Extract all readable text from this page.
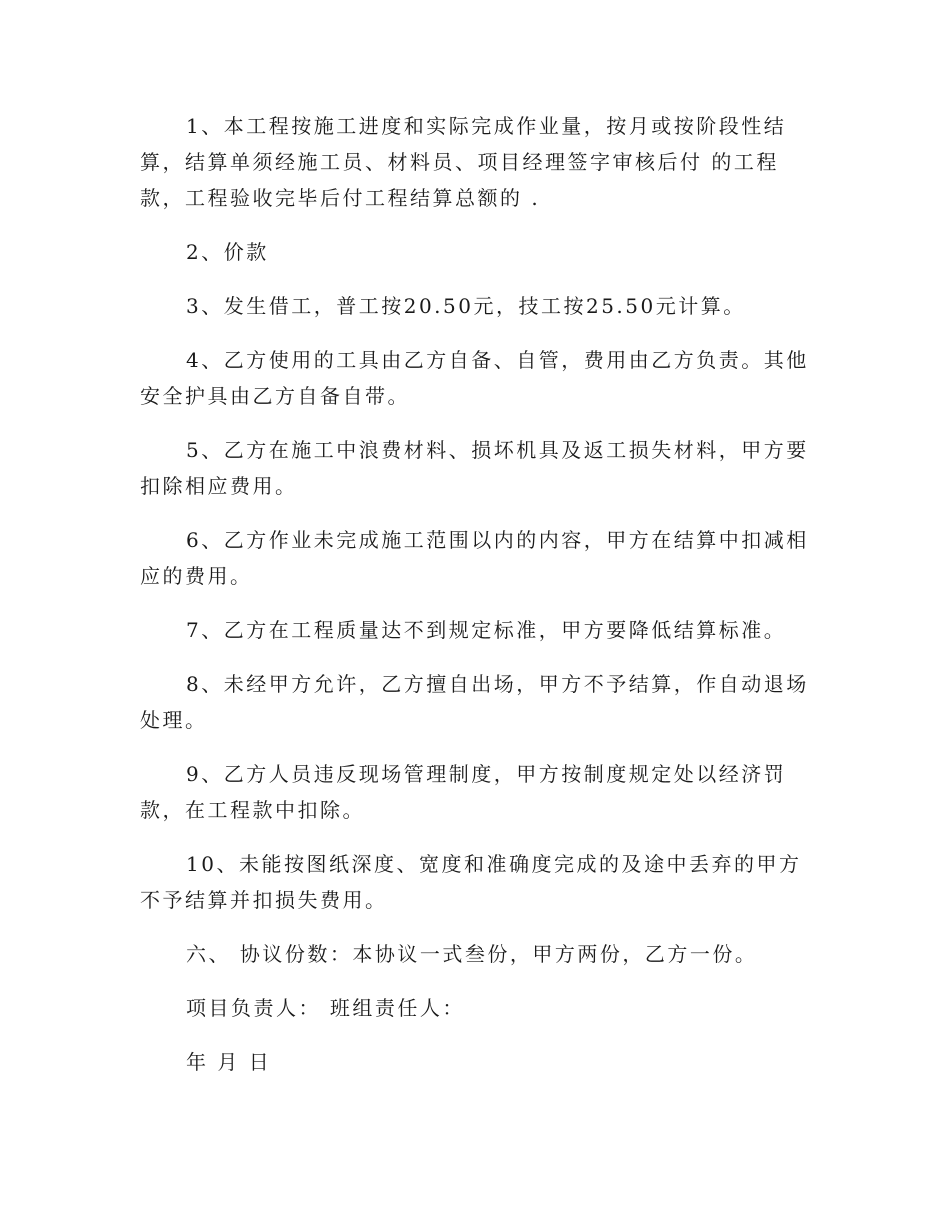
1、本工程按施工进度和实际完成作业量，按月或按阶段性结算，结算单须经施工员、材料员、项目经理签字审核后付 的工程款，工程验收完毕后付工程结算总额的 .

2、价款

3、发生借工，普工按20.50元，技工按25.50元计算。

4、乙方使用的工具由乙方自备、自管，费用由乙方负责。其他安全护具由乙方自备自带。

5、乙方在施工中浪费材料、损坏机具及返工损失材料，甲方要扣除相应费用。

6、乙方作业未完成施工范围以内的内容，甲方在结算中扣减相应的费用。

7、乙方在工程质量达不到规定标准，甲方要降低结算标准。

8、未经甲方允许，乙方擅自出场，甲方不予结算，作自动退场处理。

9、乙方人员违反现场管理制度，甲方按制度规定处以经济罚款，在工程款中扣除。

10、未能按图纸深度、宽度和准确度完成的及途中丢弃的甲方不予结算并扣损失费用。

六、 协议份数：本协议一式叁份，甲方两份，乙方一份。

项目负责人： 班组责任人：

年 月 日
